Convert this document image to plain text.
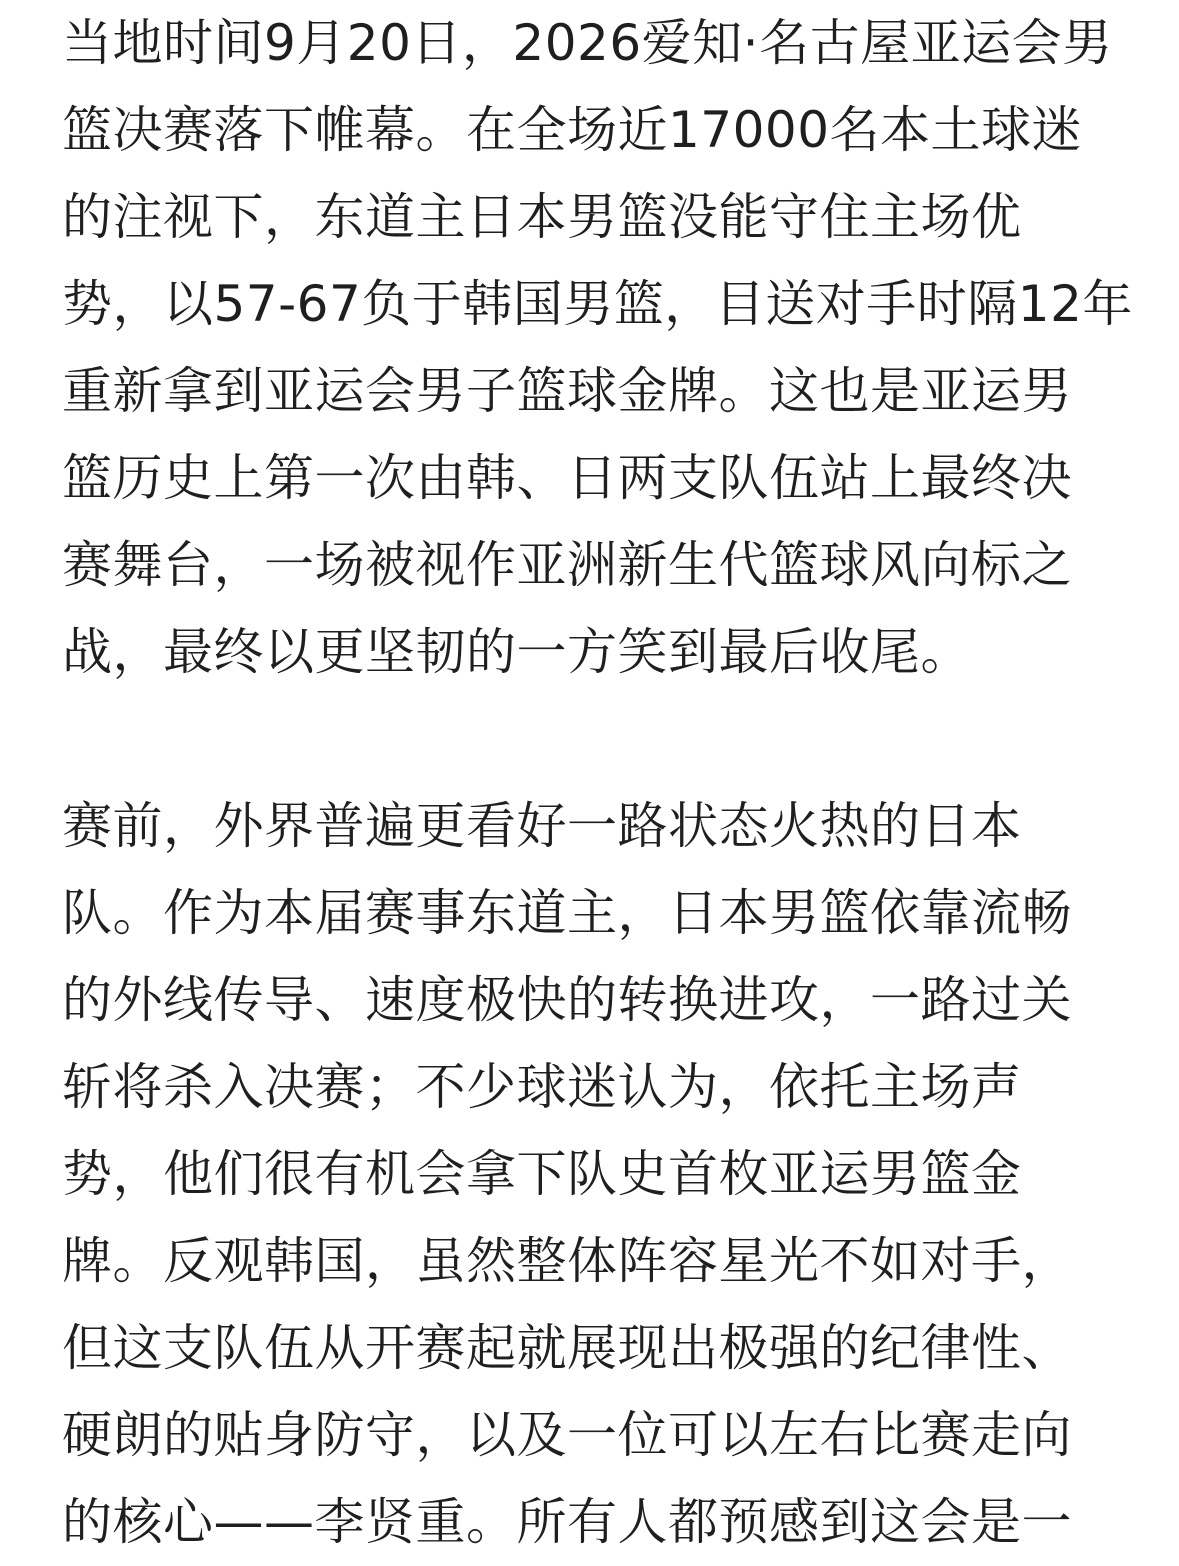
当地时间9月20日，2026爱知·名古屋亚运会男
篮决赛落下帷幕。在全场近17000名本土球迷
的注视下，东道主日本男篮没能守住主场优
势，以57-67负于韩国男篮，目送对手时隔12年
重新拿到亚运会男子篮球金牌。这也是亚运男
篮历史上第一次由韩、日两支队伍站上最终决
赛舞台，一场被视作亚洲新生代篮球风向标之
战，最终以更坚韧的一方笑到最后收尾。
赛前，外界普遍更看好一路状态火热的日本
队。作为本届赛事东道主，日本男篮依靠流畅
的外线传导、速度极快的转换进攻，一路过关
斩将杀入决赛；不少球迷认为，依托主场声
势，他们很有机会拿下队史首枚亚运男篮金
牌。反观韩国，虽然整体阵容星光不如对手，
但这支队伍从开赛起就展现出极强的纪律性、
硬朗的贴身防守，以及一位可以左右比赛走向
的核心——李贤重。所有人都预感到这会是一
